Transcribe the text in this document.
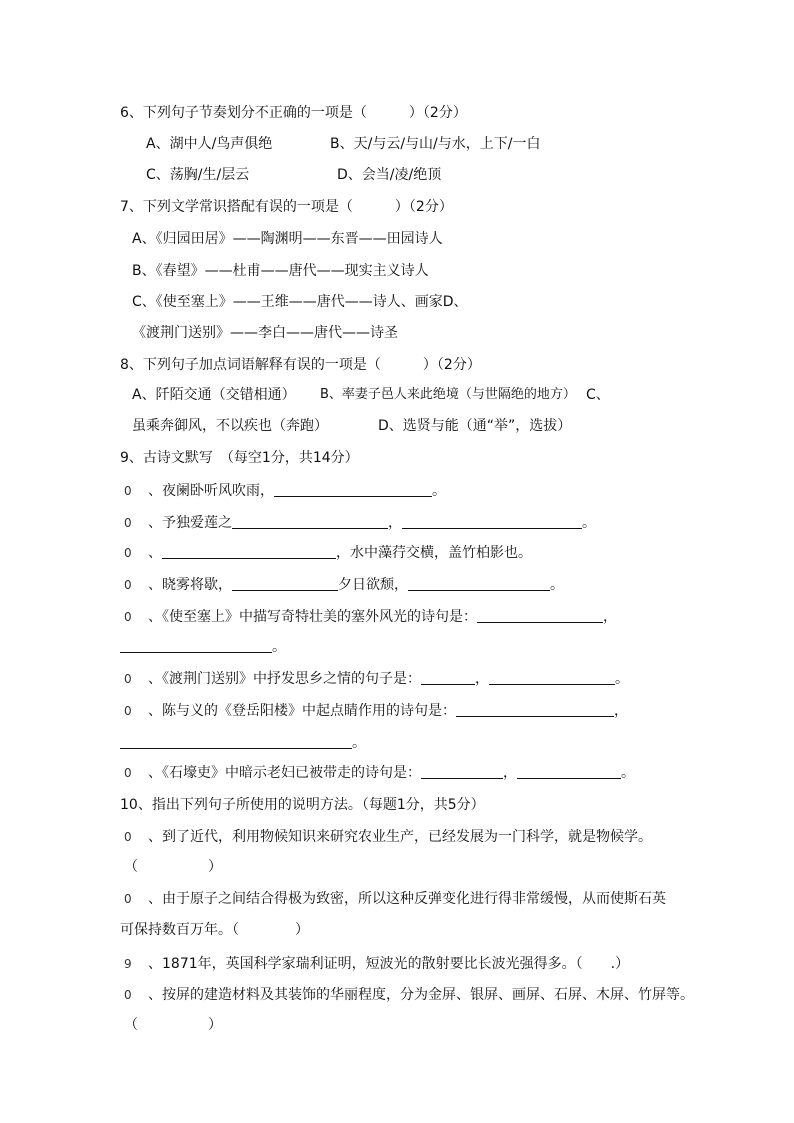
6、下列句子节奏划分不正确的一项是（　　　）（2分）
A、湖中人/鸟声俱绝	B、天/与云/与山/与水，上下/一白
C、荡胸/生/层云	D、会当/凌/绝顶
7、下列文学常识搭配有误的一项是（　　　）（2分）
A、《归园田居》——陶渊明——东晋——田园诗人
B、《春望》——杜甫——唐代——现实主义诗人
C、《使至塞上》——王维——唐代——诗人、画家D、
《渡荆门送别》——李白——唐代——诗圣
8、下列句子加点词语解释有误的一项是（　　　）（2分）
A、阡陌交通（交错相通） B、率妻子邑人来此绝境（与世隔绝的地方） C、
虽乘奔御风，不以疾也（奔跑）	D、选贤与能（通“举”，选拔）
9、古诗文默写　（每空1分，共14分）
0 、夜阑卧听风吹雨，	。
0 、予独爱莲之	，	。
0 、	，水中藻荇交横，盖竹柏影也。
0 、晓雾将歇，	夕日欲颓，	。
0 、《使至塞上》中描写奇特壮美的塞外风光的诗句是：	，
。
0 、《渡荆门送别》中抒发思乡之情的句子是：	，	。
0 、陈与义的《登岳阳楼》中起点睛作用的诗句是：	，
。
0 、《石壕吏》中暗示老妇已被带走的诗句是：	，	。
10、指出下列句子所使用的说明方法。（每题1分，共5分）
0 、到了近代，利用物候知识来研究农业生产，已经发展为一门科学，就是物候学。
（　　　　　）
0 、由于原子之间结合得极为致密，所以这种反弹变化进行得非常缓慢，从而使斯石英
可保持数百万年。（　　　　）
9 、1871年，英国科学家瑞利证明，短波光的散射要比长波光强得多。（　　.）
0 、按屏的建造材料及其装饰的华丽程度，分为金屏、银屏、画屏、石屏、木屏、竹屏等。
（　　　　　）
